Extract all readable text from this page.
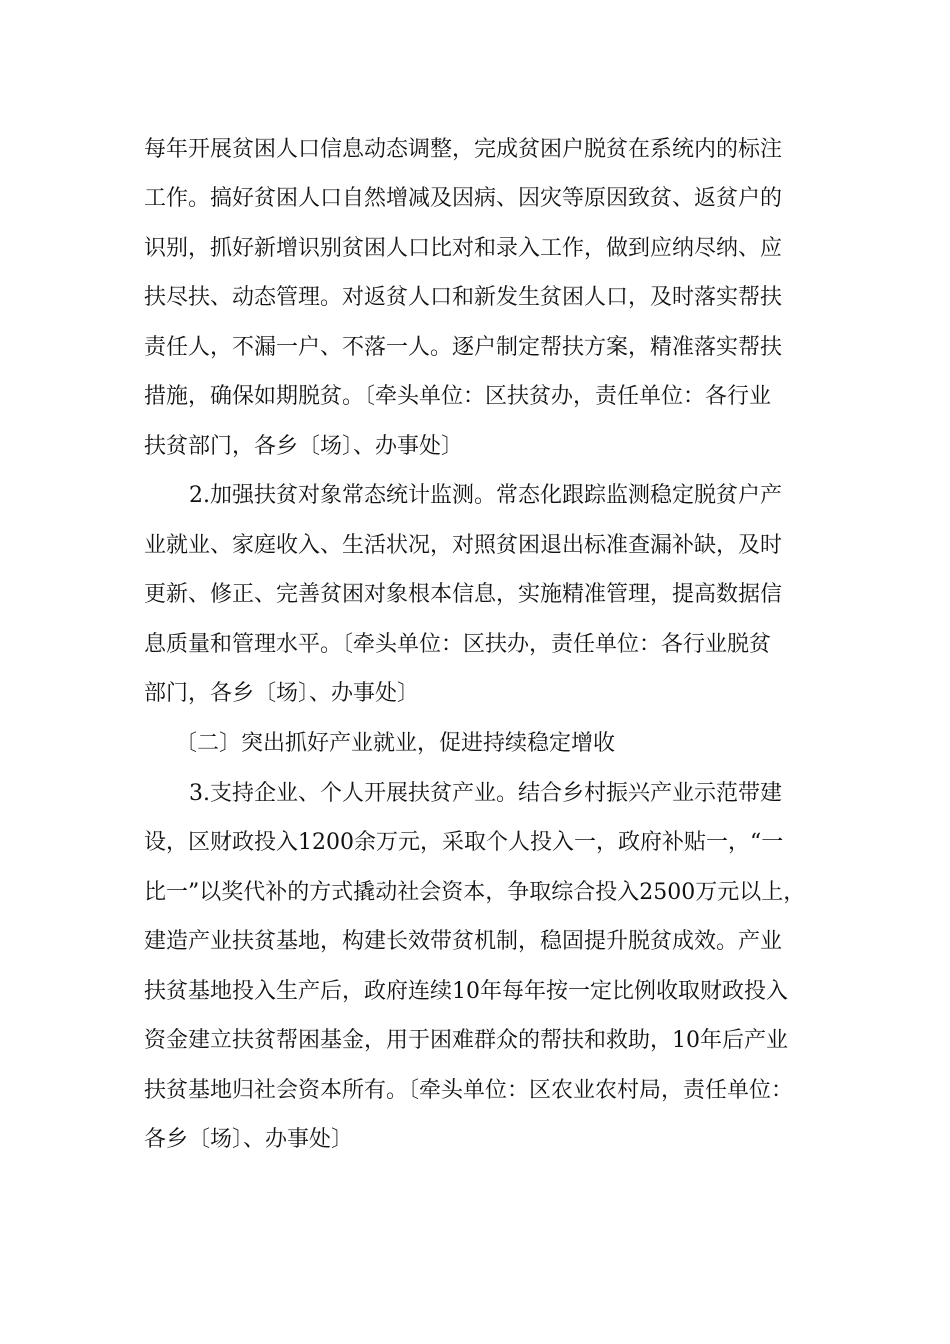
每年开展贫困人口信息动态调整，完成贫困户脱贫在系统内的标注
工作。搞好贫困人口自然增减及因病、因灾等原因致贫、返贫户的
识别，抓好新增识别贫困人口比对和录入工作，做到应纳尽纳、应
扶尽扶、动态管理。对返贫人口和新发生贫困人口，及时落实帮扶
责任人，不漏一户、不落一人。逐户制定帮扶方案，精准落实帮扶
措施，确保如期脱贫。〔牵头单位：区扶贫办，责任单位：各行业
扶贫部门，各乡〔场〕、办事处〕
2.加强扶贫对象常态统计监测。常态化跟踪监测稳定脱贫户产
业就业、家庭收入、生活状况，对照贫困退出标准查漏补缺，及时
更新、修正、完善贫困对象根本信息，实施精准管理，提高数据信
息质量和管理水平。〔牵头单位：区扶办，责任单位：各行业脱贫
部门，各乡〔场〕、办事处〕
〔二〕突出抓好产业就业，促进持续稳定增收
3.支持企业、个人开展扶贫产业。结合乡村振兴产业示范带建
设，区财政投入1200余万元，采取个人投入一，政府补贴一，“一
比一”以奖代补的方式撬动社会资本，争取综合投入2500万元以上，
建造产业扶贫基地，构建长效带贫机制，稳固提升脱贫成效。产业
扶贫基地投入生产后，政府连续10年每年按一定比例收取财政投入
资金建立扶贫帮困基金，用于困难群众的帮扶和救助，10年后产业
扶贫基地归社会资本所有。〔牵头单位：区农业农村局，责任单位：
各乡〔场〕、办事处〕
